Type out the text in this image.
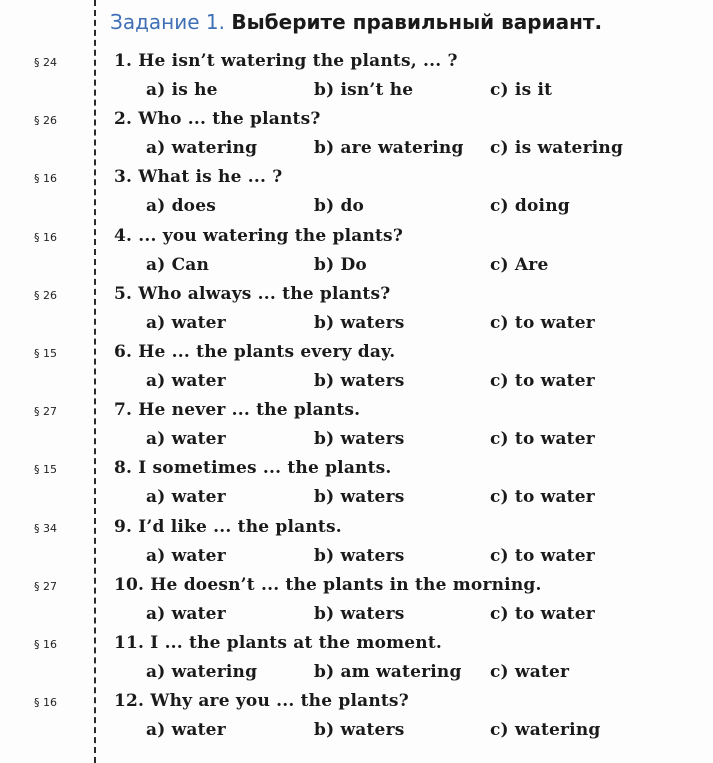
Задание 1. Выберите правильный вариант.
§ 24	1. He isn’t watering the plants, ... ?
a) is he	b) isn’t he	c) is it
§ 26	2. Who ... the plants?
a) watering	b) are watering c) is watering
§ 16	3. What is he ... ?
a) does	b) do	c) doing
§ 16	4. ... you watering the plants?
a) Can	b) Do	c) Are
§ 26	5. Who always ... the plants?
a) water	b) waters	c) to water
§ 15	6. He ... the plants every day.
a) water	b) waters	c) to water
§ 27	7. He never ... the plants.
a) water	b) waters	c) to water
§ 15	8. I sometimes ... the plants.
a) water	b) waters	c) to water
§ 34	9. I’d like ... the plants.
a) water	b) waters	c) to water
§ 27	10. He doesn’t ... the plants in the morning.
a) water	b) waters	c) to water
§ 16	11. I ... the plants at the moment.
a) watering	b) am watering c) water
§ 16	12. Why are you ... the plants?
a) water	b) waters	c) watering
